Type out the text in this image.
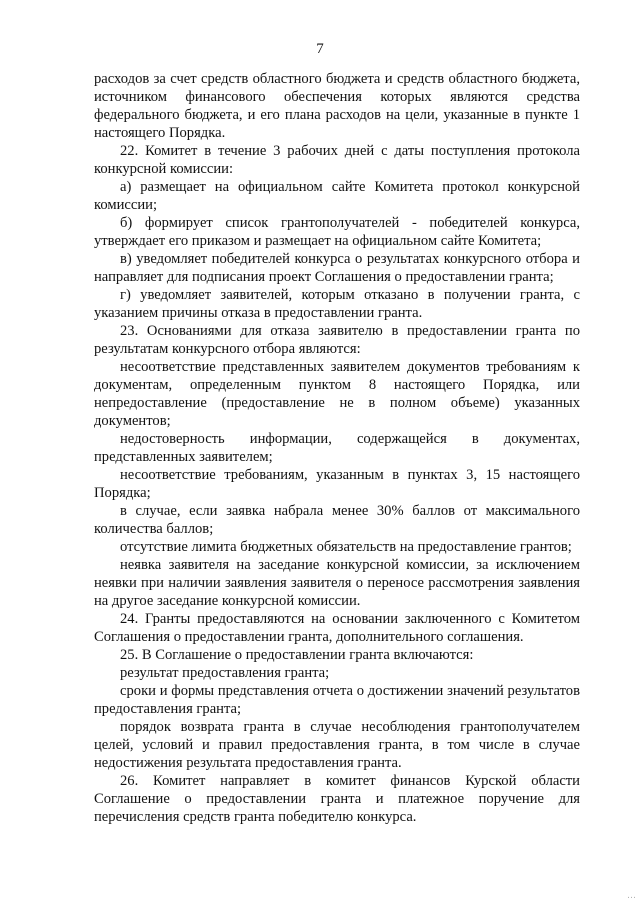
7

расходов за счет средств областного бюджета и средств областного бюджета, источником финансового обеспечения которых являются средства федерального бюджета, и его плана расходов на цели, указанные в пункте 1 настоящего Порядка.

22. Комитет в течение 3 рабочих дней с даты поступления протокола конкурсной комиссии:

а) размещает на официальном сайте Комитета протокол конкурсной комиссии;

б) формирует список грантополучателей - победителей конкурса, утверждает его приказом и размещает на официальном сайте Комитета;

в) уведомляет победителей конкурса о результатах конкурсного отбора и направляет для подписания проект Соглашения о предоставлении гранта;

г) уведомляет заявителей, которым отказано в получении гранта, с указанием причины отказа в предоставлении гранта.

23. Основаниями для отказа заявителю в предоставлении гранта по результатам конкурсного отбора являются:

несоответствие представленных заявителем документов требованиям к документам, определенным пунктом 8 настоящего Порядка, или непредоставление (предоставление не в полном объеме) указанных документов;

недостоверность информации, содержащейся в документах, представленных заявителем;

несоответствие требованиям, указанным в пунктах 3, 15 настоящего Порядка;

в случае, если заявка набрала менее 30% баллов от максимального количества баллов;

отсутствие лимита бюджетных обязательств на предоставление грантов;

неявка заявителя на заседание конкурсной комиссии, за исключением неявки при наличии заявления заявителя о переносе рассмотрения заявления на другое заседание конкурсной комиссии.

24. Гранты предоставляются на основании заключенного с Комитетом Соглашения о предоставлении гранта, дополнительного соглашения.

25. В Соглашение о предоставлении гранта включаются:

результат предоставления гранта;

сроки и формы представления отчета о достижении значений результатов предоставления гранта;

порядок возврата гранта в случае несоблюдения грантополучателем целей, условий и правил предоставления гранта, в том числе в случае недостижения результата предоставления гранта.

26. Комитет направляет в комитет финансов Курской области Соглашение о предоставлении гранта и платежное поручение для перечисления средств гранта победителю конкурса.

…
